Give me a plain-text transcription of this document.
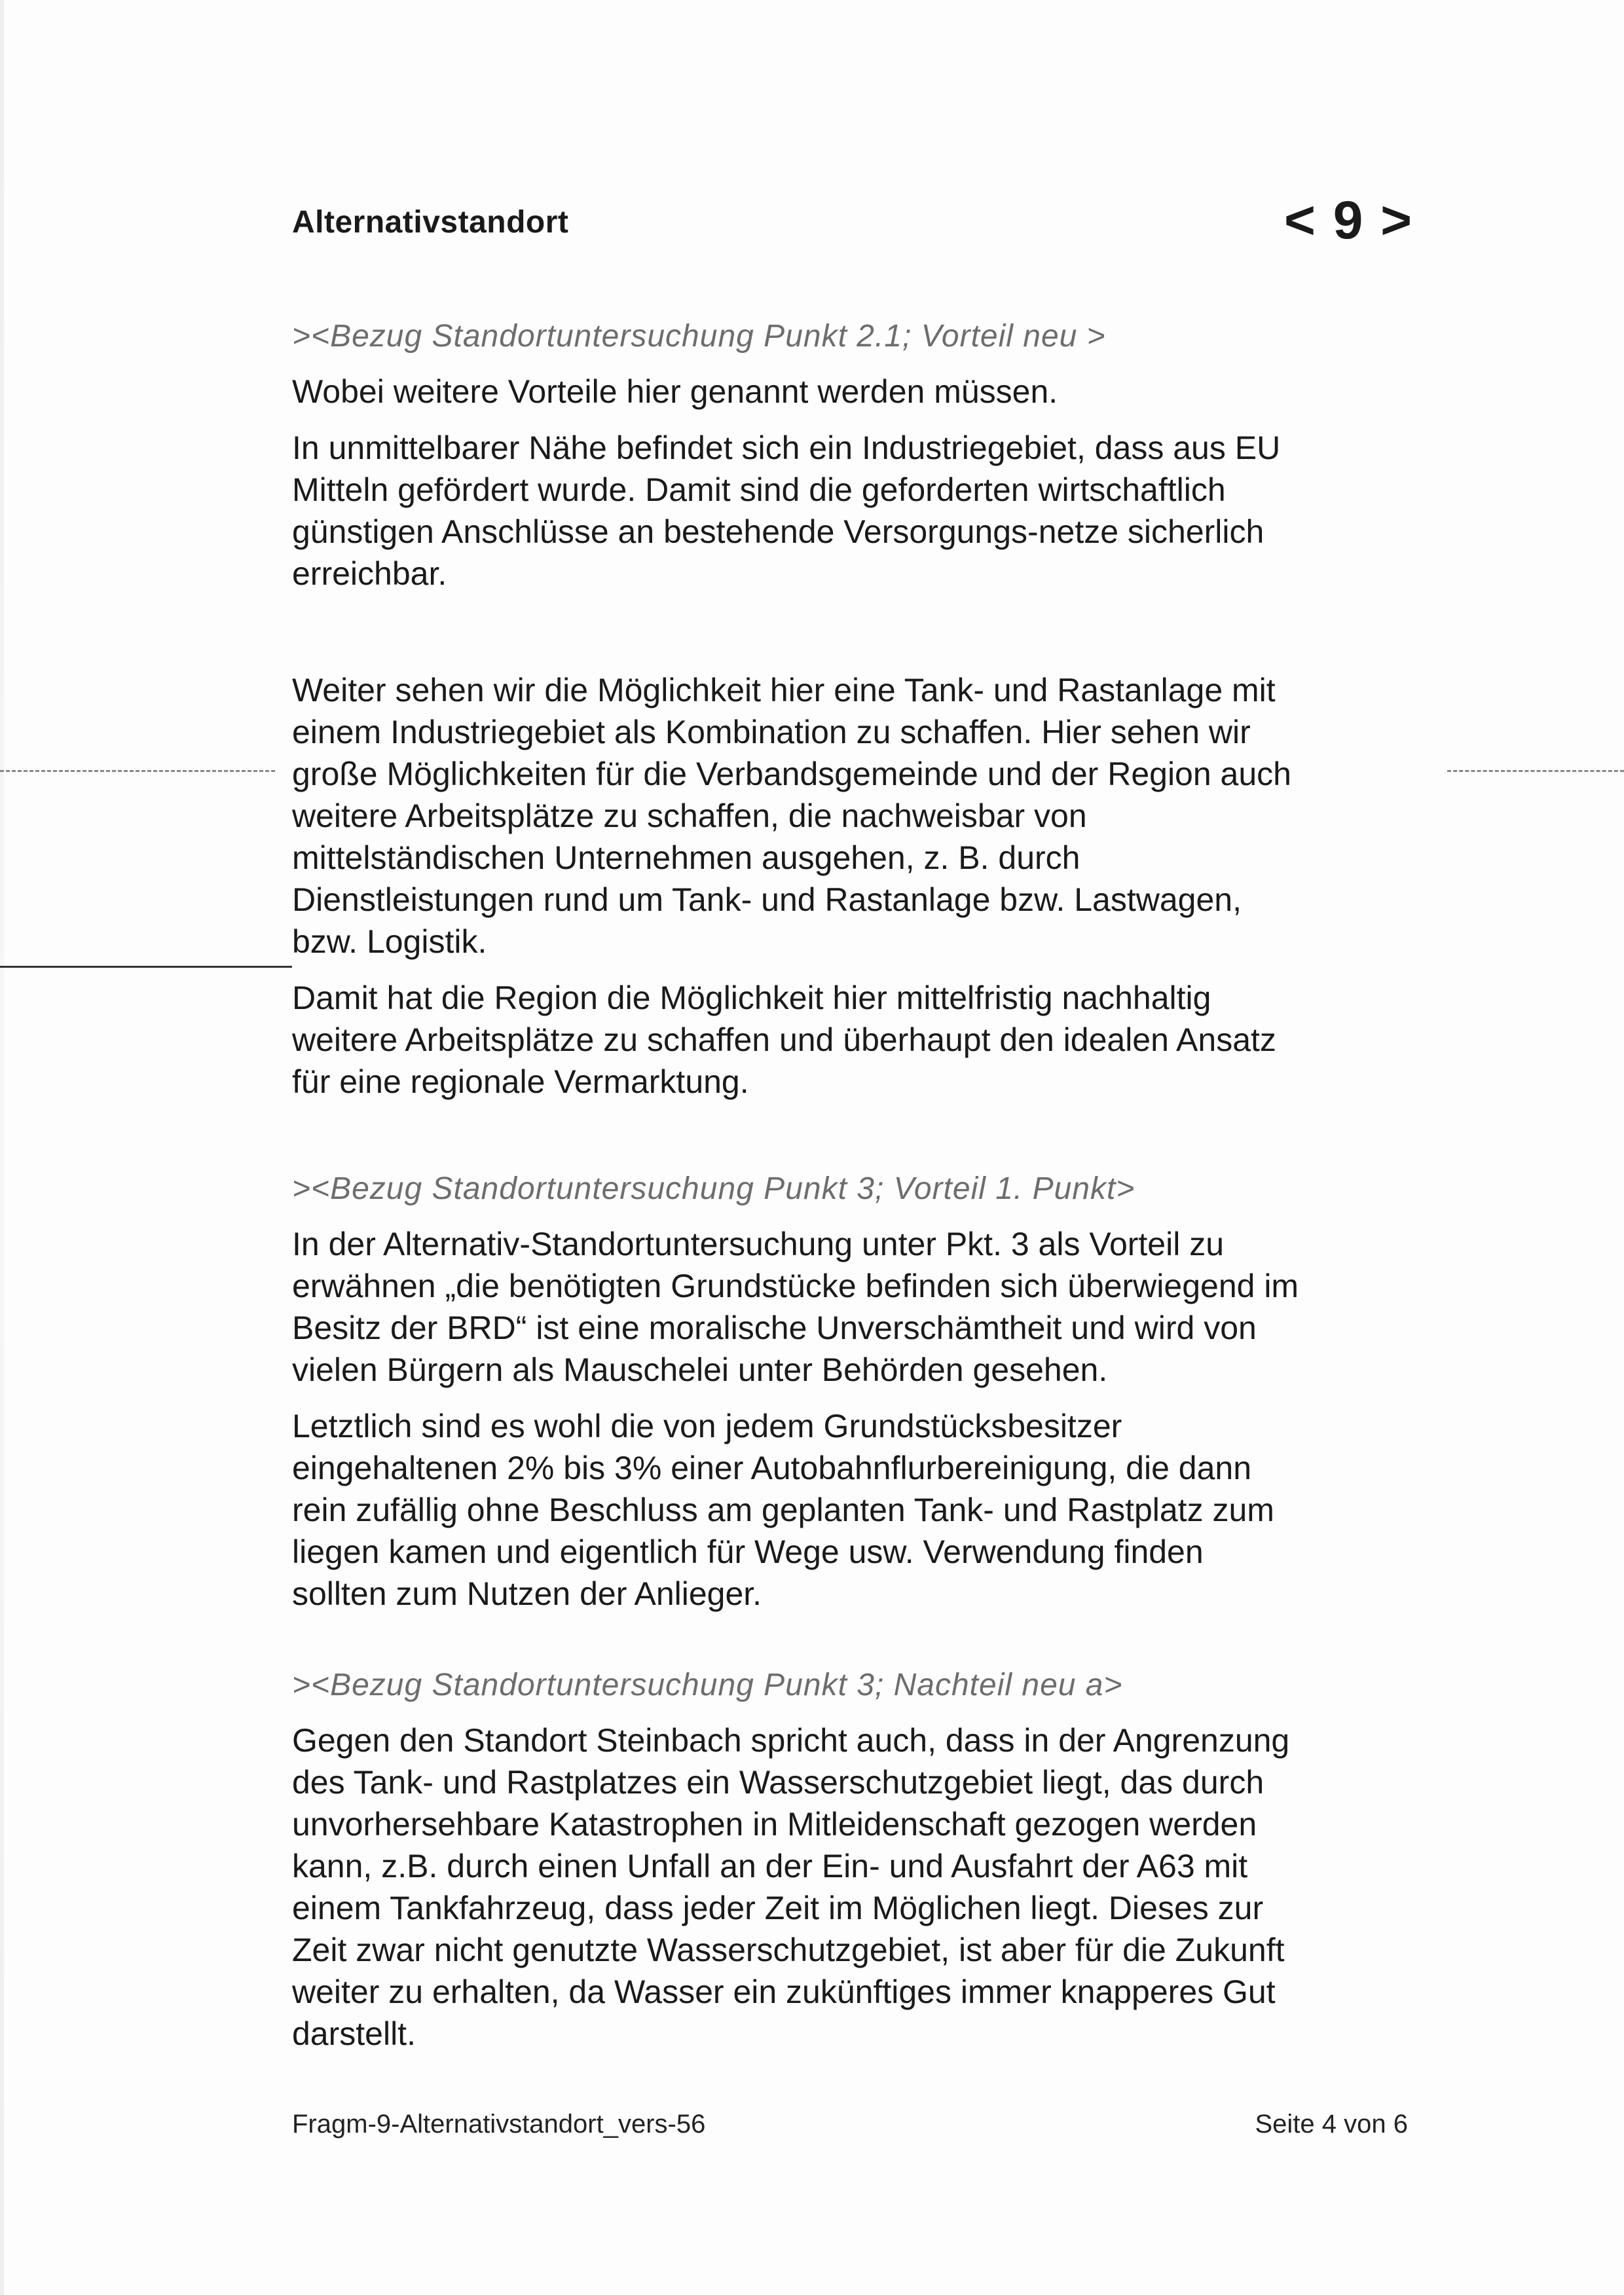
Alternativstandort	< 9 >
><Bezug Standortuntersuchung Punkt 2.1; Vorteil neu >
Wobei weitere Vorteile hier genannt werden müssen.
In unmittelbarer Nähe befindet sich ein Industriegebiet, dass aus EU
Mitteln gefördert wurde. Damit sind die geforderten wirtschaftlich
günstigen Anschlüsse an bestehende Versorgungs-netze sicherlich
erreichbar.
Weiter sehen wir die Möglichkeit hier eine Tank- und Rastanlage mit
einem Industriegebiet als Kombination zu schaffen. Hier sehen wir
große Möglichkeiten für die Verbandsgemeinde und der Region auch
weitere Arbeitsplätze zu schaffen, die nachweisbar von
mittelständischen Unternehmen ausgehen, z. B. durch
Dienstleistungen rund um Tank- und Rastanlage bzw. Lastwagen,
bzw. Logistik.
Damit hat die Region die Möglichkeit hier mittelfristig nachhaltig
weitere Arbeitsplätze zu schaffen und überhaupt den idealen Ansatz
für eine regionale Vermarktung.
><Bezug Standortuntersuchung Punkt 3; Vorteil 1. Punkt>
In der Alternativ-Standortuntersuchung unter Pkt. 3 als Vorteil zu
erwähnen „die benötigten Grundstücke befinden sich überwiegend im
Besitz der BRD“ ist eine moralische Unverschämtheit und wird von
vielen Bürgern als Mauschelei unter Behörden gesehen.
Letztlich sind es wohl die von jedem Grundstücksbesitzer
eingehaltenen 2% bis 3% einer Autobahnflurbereinigung, die dann
rein zufällig ohne Beschluss am geplanten Tank- und Rastplatz zum
liegen kamen und eigentlich für Wege usw. Verwendung finden
sollten zum Nutzen der Anlieger.
><Bezug Standortuntersuchung Punkt 3; Nachteil neu a>
Gegen den Standort Steinbach spricht auch, dass in der Angrenzung
des Tank- und Rastplatzes ein Wasserschutzgebiet liegt, das durch
unvorhersehbare Katastrophen in Mitleidenschaft gezogen werden
kann, z.B. durch einen Unfall an der Ein- und Ausfahrt der A63 mit
einem Tankfahrzeug, dass jeder Zeit im Möglichen liegt. Dieses zur
Zeit zwar nicht genutzte Wasserschutzgebiet, ist aber für die Zukunft
weiter zu erhalten, da Wasser ein zukünftiges immer knapperes Gut
darstellt.
Fragm-9-Alternativstandort_vers-56	Seite 4 von 6
